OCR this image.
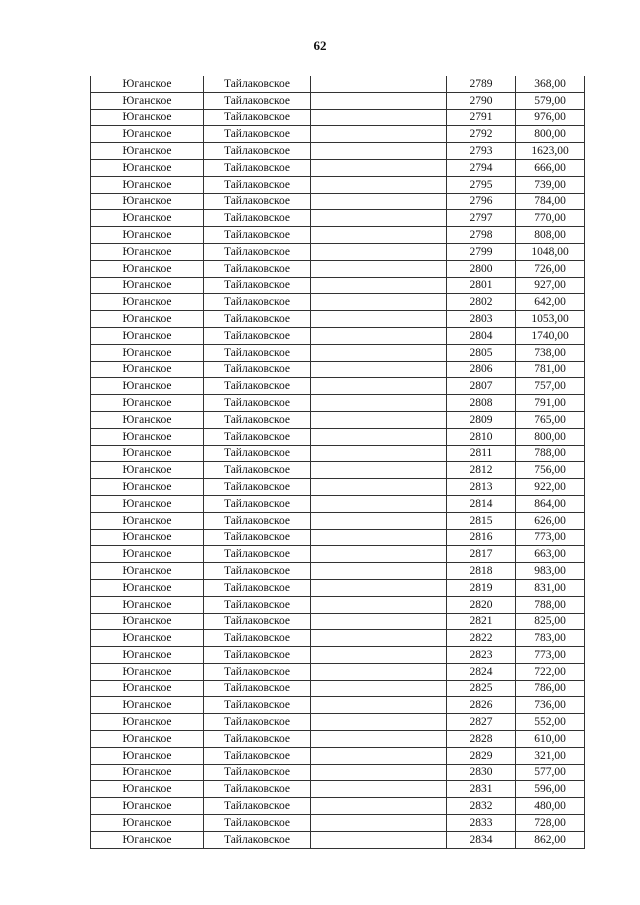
62
Юганское	Тайлаковское		2789	368,00
Юганское	Тайлаковское		2790	579,00
Юганское	Тайлаковское		2791	976,00
Юганское	Тайлаковское		2792	800,00
Юганское	Тайлаковское		2793	1623,00
Юганское	Тайлаковское		2794	666,00
Юганское	Тайлаковское		2795	739,00
Юганское	Тайлаковское		2796	784,00
Юганское	Тайлаковское		2797	770,00
Юганское	Тайлаковское		2798	808,00
Юганское	Тайлаковское		2799	1048,00
Юганское	Тайлаковское		2800	726,00
Юганское	Тайлаковское		2801	927,00
Юганское	Тайлаковское		2802	642,00
Юганское	Тайлаковское		2803	1053,00
Юганское	Тайлаковское		2804	1740,00
Юганское	Тайлаковское		2805	738,00
Юганское	Тайлаковское		2806	781,00
Юганское	Тайлаковское		2807	757,00
Юганское	Тайлаковское		2808	791,00
Юганское	Тайлаковское		2809	765,00
Юганское	Тайлаковское		2810	800,00
Юганское	Тайлаковское		2811	788,00
Юганское	Тайлаковское		2812	756,00
Юганское	Тайлаковское		2813	922,00
Юганское	Тайлаковское		2814	864,00
Юганское	Тайлаковское		2815	626,00
Юганское	Тайлаковское		2816	773,00
Юганское	Тайлаковское		2817	663,00
Юганское	Тайлаковское		2818	983,00
Юганское	Тайлаковское		2819	831,00
Юганское	Тайлаковское		2820	788,00
Юганское	Тайлаковское		2821	825,00
Юганское	Тайлаковское		2822	783,00
Юганское	Тайлаковское		2823	773,00
Юганское	Тайлаковское		2824	722,00
Юганское	Тайлаковское		2825	786,00
Юганское	Тайлаковское		2826	736,00
Юганское	Тайлаковское		2827	552,00
Юганское	Тайлаковское		2828	610,00
Юганское	Тайлаковское		2829	321,00
Юганское	Тайлаковское		2830	577,00
Юганское	Тайлаковское		2831	596,00
Юганское	Тайлаковское		2832	480,00
Юганское	Тайлаковское		2833	728,00
Юганское	Тайлаковское		2834	862,00
